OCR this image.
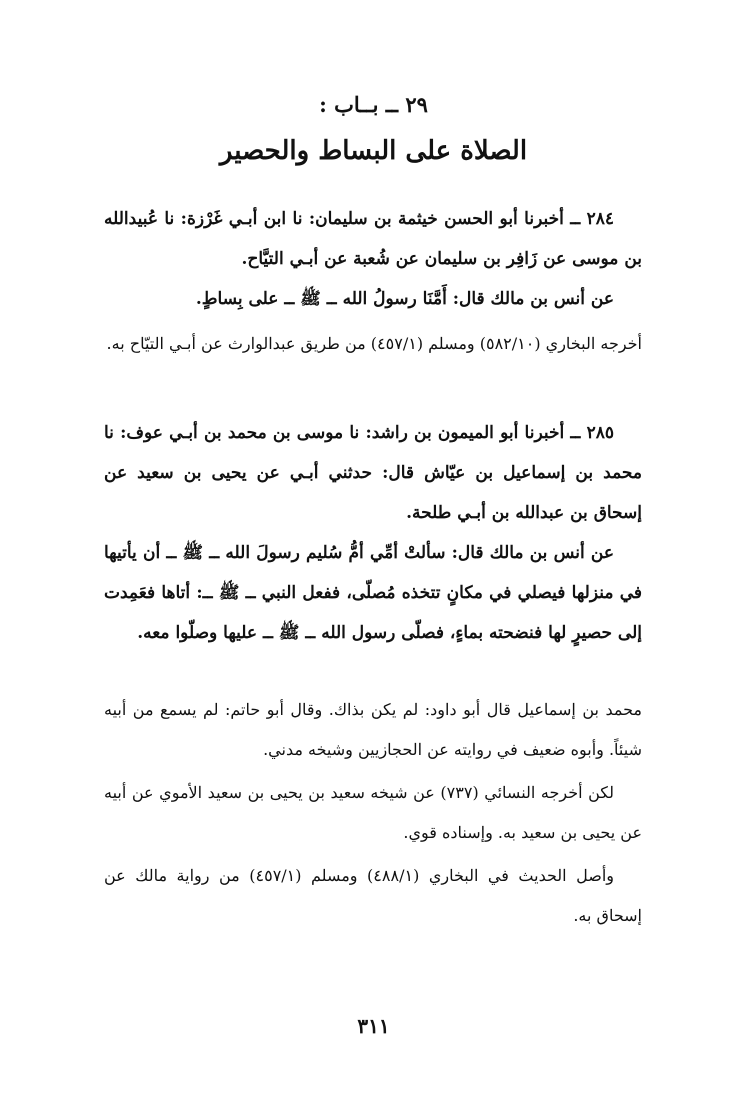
٢٩ ــ بــاب :
الصلاة على البساط والحصير
٢٨٤ ــ أخبرنا أبو الحسن خيثمة بن سليمان: نا ابن أبـي غَرْزة: نا عُبيدالله بن موسى عن زَافِر بن سليمان عن شُعبة عن أبـي التيَّاح.
عن أنس بن مالك قال: أَمَّنَا رسولُ الله ــ ﷺ ــ على بِساطٍ.
أخرجه البخاري (٥٨٢/١٠) ومسلم (٤٥٧/١) من طريق عبدالوارث عن أبـي التيّاح به.
٢٨٥ ــ أخبرنا أبو الميمون بن راشد: نا موسى بن محمد بن أبـي عوف: نا محمد بن إسماعيل بن عيّاش قال: حدثني أبـي عن يحيى بن سعيد عن إسحاق بن عبدالله بن أبـي طلحة.
عن أنس بن مالك قال: سألتْ أمِّي أمُّ سُليم رسولَ الله ــ ﷺ ــ أن يأتيها في منزلها فيصلي في مكانٍ تتخذه مُصلّى، ففعل النبي ــ ﷺ ــ: أتاها فعَمِدت إلى حصيرٍ لها فنضحته بماءٍ، فصلّى رسول الله ــ ﷺ ــ عليها وصلّوا معه.
محمد بن إسماعيل قال أبو داود: لم يكن بذاك. وقال أبو حاتم: لم يسمع من أبيه شيئاً. وأبوه ضعيف في روايته عن الحجازيين وشيخه مدني.
لكن أخرجه النسائي (٧٣٧) عن شيخه سعيد بن يحيى بن سعيد الأموي عن أبيه عن يحيى بن سعيد به. وإسناده قوي.
وأصل الحديث في البخاري (٤٨٨/١) ومسلم (٤٥٧/١) من رواية مالك عن إسحاق به.
٣١١
